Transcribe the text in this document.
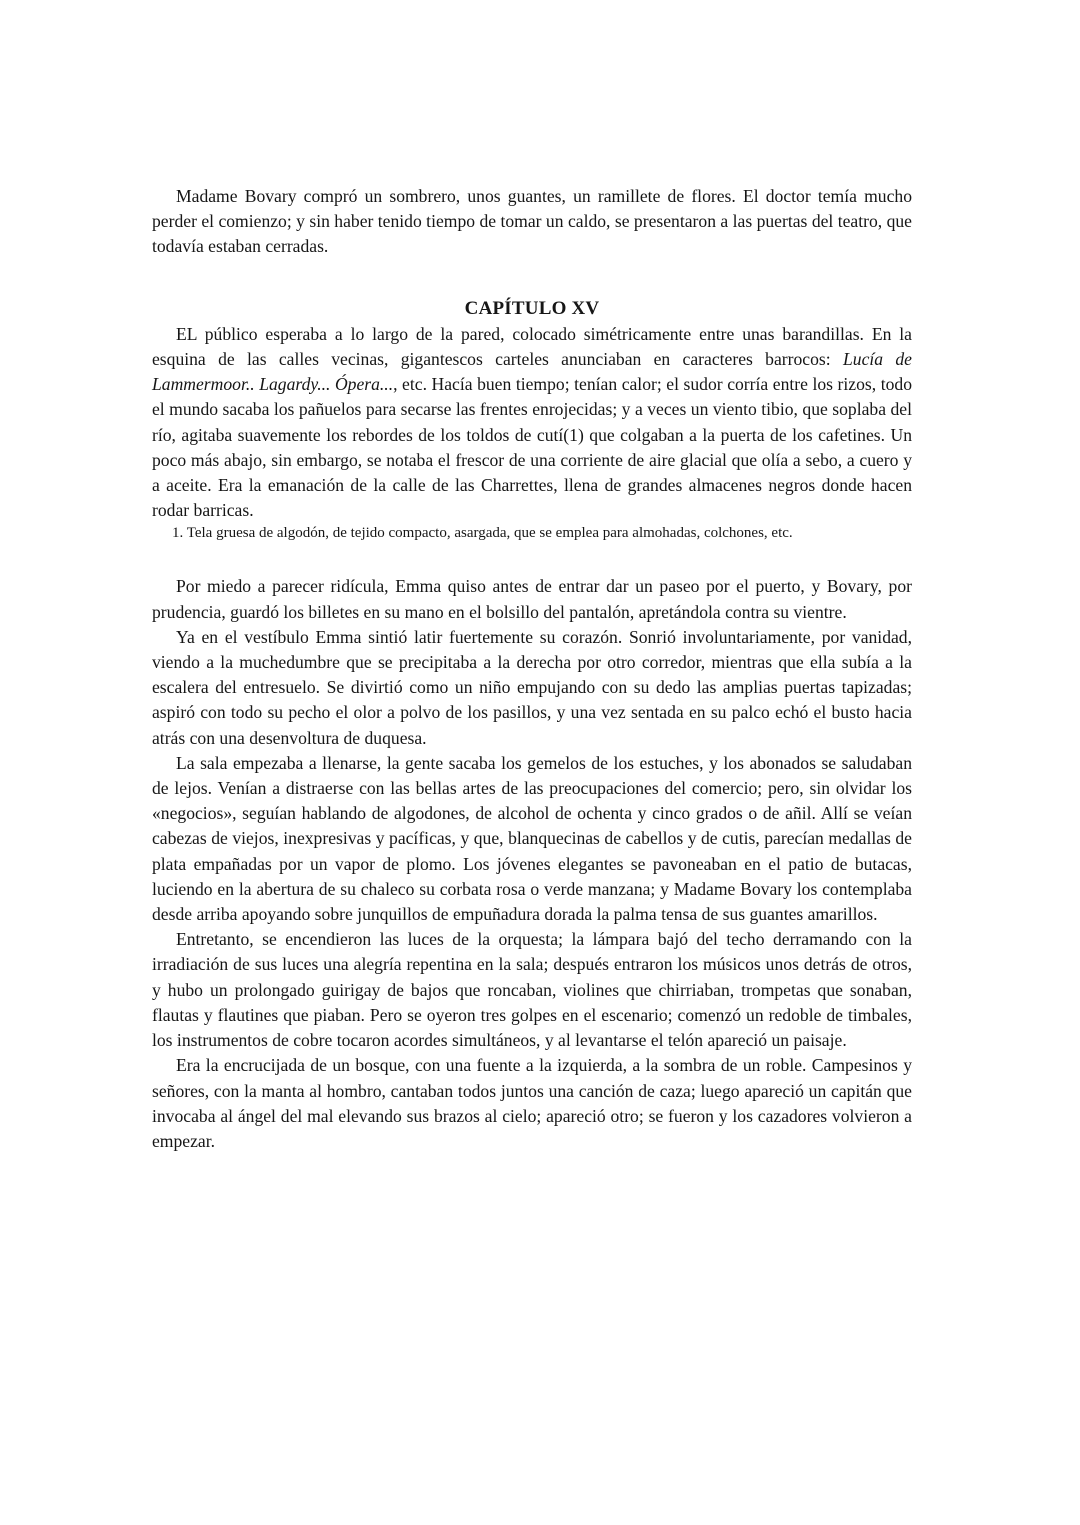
Madame Bovary compró un sombrero, unos guantes, un ramillete de flores. El doctor temía mucho perder el comienzo; y sin haber tenido tiempo de tomar un caldo, se presentaron a las puertas del teatro, que todavía estaban cerradas.

CAPÍTULO XV

EL público esperaba a lo largo de la pared, colocado simétricamente entre unas barandillas. En la esquina de las calles vecinas, gigantescos carteles anunciaban en caracteres barrocos: Lucía de Lammermoor.. Lagardy... Ópera..., etc. Hacía buen tiempo; tenían calor; el sudor corría entre los rizos, todo el mundo sacaba los pañuelos para secarse las frentes enrojecidas; y a veces un viento tibio, que soplaba del río, agitaba suavemente los rebordes de los toldos de cutí(1) que colgaban a la puerta de los cafetines. Un poco más abajo, sin embargo, se notaba el frescor de una corriente de aire glacial que olía a sebo, a cuero y a aceite. Era la emanación de la calle de las Charrettes, llena de grandes almacenes negros donde hacen rodar barricas.

1. Tela gruesa de algodón, de tejido compacto, asargada, que se emplea para almohadas, colchones, etc.

Por miedo a parecer ridícula, Emma quiso antes de entrar dar un paseo por el puerto, y Bovary, por prudencia, guardó los billetes en su mano en el bolsillo del pantalón, apretándola contra su vientre.

Ya en el vestíbulo Emma sintió latir fuertemente su corazón. Sonrió involuntariamente, por vanidad, viendo a la muchedumbre que se precipitaba a la derecha por otro corredor, mientras que ella subía a la escalera del entresuelo. Se divirtió como un niño empujando con su dedo las amplias puertas tapizadas; aspiró con todo su pecho el olor a polvo de los pasillos, y una vez sentada en su palco echó el busto hacia atrás con una desenvoltura de duquesa.

La sala empezaba a llenarse, la gente sacaba los gemelos de los estuches, y los abonados se saludaban de lejos. Venían a distraerse con las bellas artes de las preocupaciones del comercio; pero, sin olvidar los «negocios», seguían hablando de algodones, de alcohol de ochenta y cinco grados o de añil. Allí se veían cabezas de viejos, inexpresivas y pacíficas, y que, blanquecinas de cabellos y de cutis, parecían medallas de plata empañadas por un vapor de plomo. Los jóvenes elegantes se pavoneaban en el patio de butacas, luciendo en la abertura de su chaleco su corbata rosa o verde manzana; y Madame Bovary los contemplaba desde arriba apoyando sobre junquillos de empuñadura dorada la palma tensa de sus guantes amarillos.

Entretanto, se encendieron las luces de la orquesta; la lámpara bajó del techo derramando con la irradiación de sus luces una alegría repentina en la sala; después entraron los músicos unos detrás de otros, y hubo un prolongado guirigay de bajos que roncaban, violines que chirriaban, trompetas que sonaban, flautas y flautines que piaban. Pero se oyeron tres golpes en el escenario; comenzó un redoble de timbales, los instrumentos de cobre tocaron acordes simultáneos, y al levantarse el telón apareció un paisaje.

Era la encrucijada de un bosque, con una fuente a la izquierda, a la sombra de un roble. Campesinos y señores, con la manta al hombro, cantaban todos juntos una canción de caza; luego apareció un capitán que invocaba al ángel del mal elevando sus brazos al cielo; apareció otro; se fueron y los cazadores volvieron a empezar.
